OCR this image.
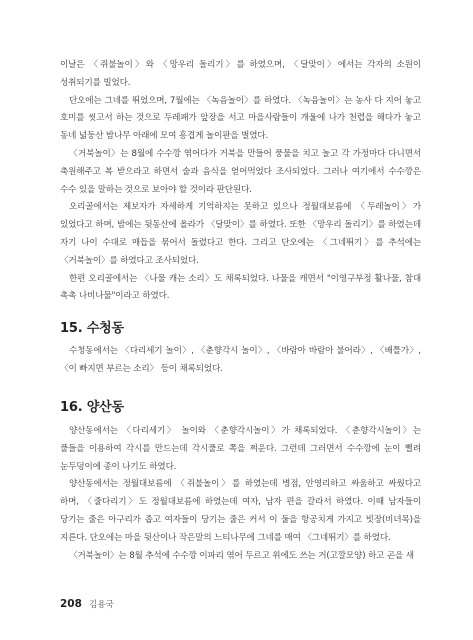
이날은 〈쥐불놀이〉와 〈망우리 돌리기〉를 하였으며, 〈달맞이〉에서는 각자의 소원이 성취되기를 빌었다.

단오에는 그네를 뛰었으며, 7월에는 〈녹음놀이〉를 하였다. 〈녹음놀이〉는 농사 다 지어 놓고 호미를 씻고서 하는 것으로 두레패가 앞장을 서고 마을사람들이 개울에 나가 천렵을 해다가 놓고 동네 넓둥산 밤나무 아래에 모여 흥겹게 놀이판을 벌였다.

〈거북놀이〉는 8월에 수수깡 엮어다가 거북을 만들어 풍물을 치고 놀고 각 가정마다 다니면서 축원해주고 복 받으라고 하면서 술과 음식을 얻어먹었다 조사되었다. 그러나 여기에서 수수깡은 수수 있을 말하는 것으로 보아야 할 것이라 판단된다.

오리골에서는 제보자가 자세하게 기억하지는 못하고 있으나 정월대보름에 〈두레놀이〉가 있었다고 하며, 밤에는 뒷동산에 올라가 〈달맞이〉를 하였다. 또한 〈망우리 돌리기〉를 하였는데 자기 나이 수대로 매듭을 묶어서 돌렸다고 한다. 그리고 단오에는 〈그네뛰기〉를 추석에는 〈거북놀이〉를 하였다고 조사되었다.

한편 오리골에서는 〈나물 캐는 소리〉도 채록되었다. 나물을 캐면서 "이영구부정 활나물, 참대 촉촉 나비나물"이라고 하였다.

15. 수청동

수청동에서는 〈다리세기 놀이〉, 〈춘향각시 놀이〉, 〈바람아 바람아 불어라〉, 〈배틀가〉, 〈이 빠지면 부르는 소리〉 등이 채록되었다.

16. 양산동

양산동에서는 〈다리세기〉 놀이와 〈춘향각시놀이〉가 채록되었다. 〈춘향각시놀이〉는 풀들을 이용하여 각시를 만드는데 각시풀로 쪽을 찌운다. 그런데 그러면서 수수깡에 눈이 뻘려 눈두덩이에 종이 나기도 하였다.

양산동에서는 정월대보름에 〈쥐불놀이〉를 하였는데 병점, 안영리하고 싸움하고 싸웠다고 하며, 〈줄다리기〉도 정월대보름에 하였는데 여자, 남자 편을 갈라서 하였다. 이때 남자들이 당기는 줄은 아구리가 좁고 여자들이 당기는 줄은 커서 이 둘을 항공치게 가지고 빗장(비녀목)을 지른다. 단오에는 마을 뒷산이나 작은말의 느티나무에 그네를 매여 〈그네뛰기〉를 하였다.

〈거북놀이〉는 8월 추석에 수수깡 이파리 엮어 두르고 위에도 쓰는 거(고깔모양) 하고 곤을 새

208 김용국
